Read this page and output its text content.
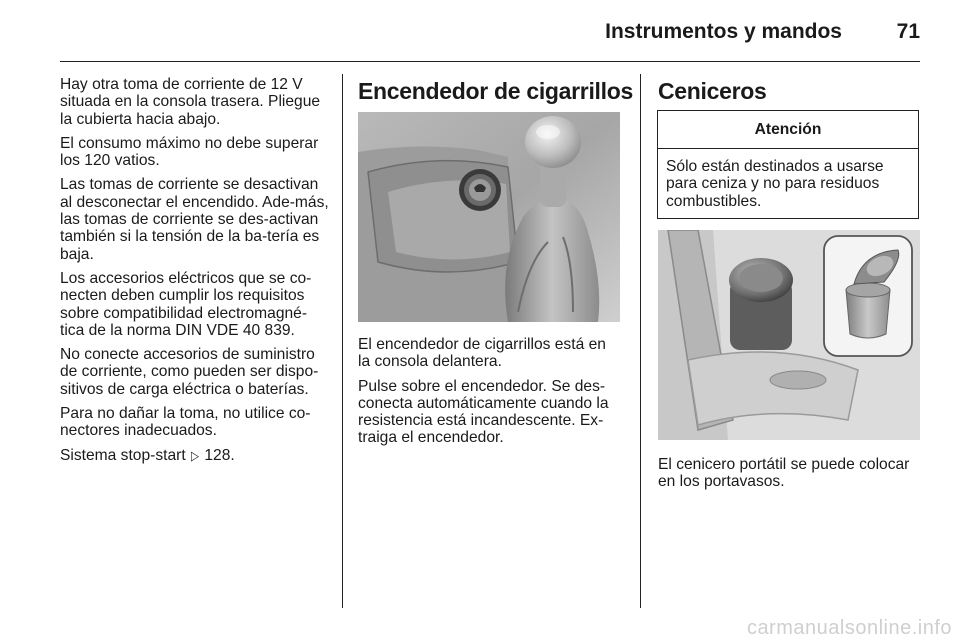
Instrumentos y mandos	71

Hay otra toma de corriente de 12 V situada en la consola trasera. Pliegue la cubierta hacia abajo.

El consumo máximo no debe superar los 120 vatios.

Las tomas de corriente se desactivan al desconectar el encendido. Ade-más, las tomas de corriente se des-activan también si la tensión de la ba-tería es baja.

Los accesorios eléctricos que se co-necten deben cumplir los requisitos sobre compatibilidad electromagné-tica de la norma DIN VDE 40 839.

No conecte accesorios de suministro de corriente, como pueden ser dispo-sitivos de carga eléctrica o baterías.

Para no dañar la toma, no utilice co-nectores inadecuados.

Sistema stop-start ▷ 128.

Encendedor de cigarrillos

El encendedor de cigarrillos está en la consola delantera.

Pulse sobre el encendedor. Se des-conecta automáticamente cuando la resistencia está incandescente. Ex-traiga el encendedor.

Ceniceros
Atención
Sólo están destinados a usarse para ceniza y no para residuos combustibles.

El cenicero portátil se puede colocar en los portavasos.

carmanualsonline.info
